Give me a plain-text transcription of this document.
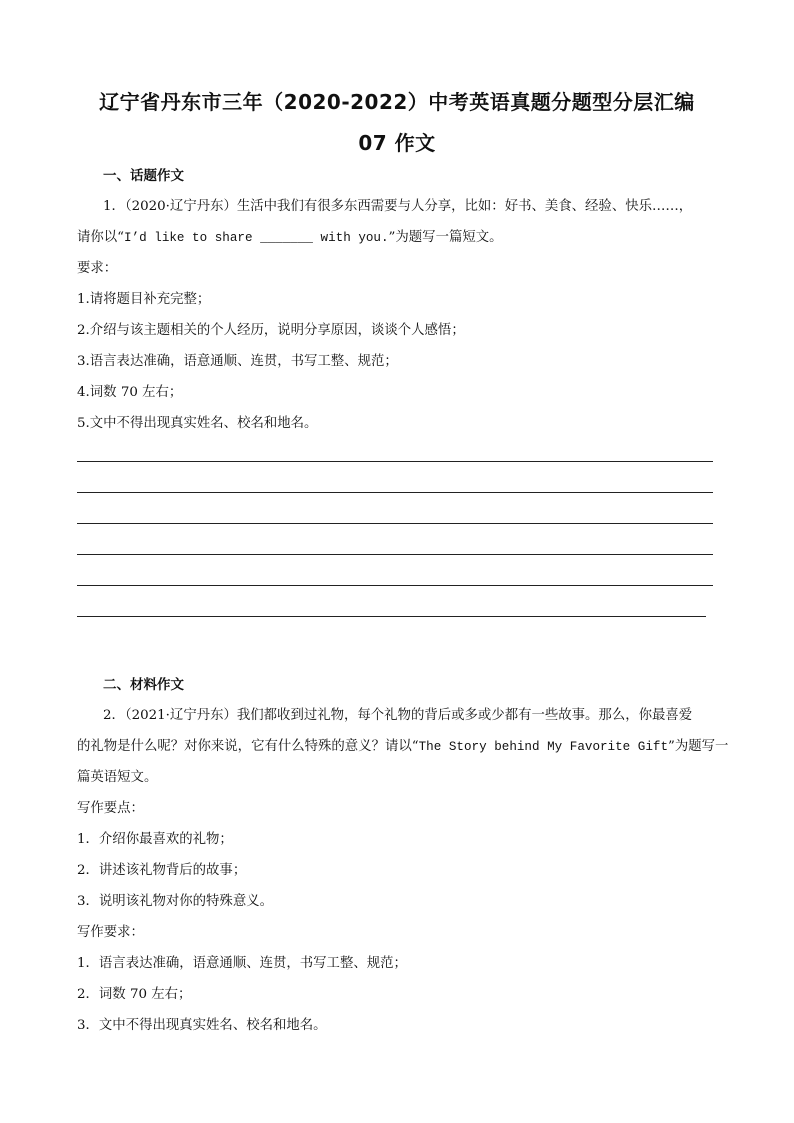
辽宁省丹东市三年（2020-2022）中考英语真题分题型分层汇编
07 作文
一、话题作文
1．（2020·辽宁丹东）生活中我们有很多东西需要与人分享，比如：好书、美食、经验、快乐……，
请你以“I’d like to share _______ with you.”为题写一篇短文。
要求：
1.请将题目补充完整；
2.介绍与该主题相关的个人经历，说明分享原因，谈谈个人感悟；
3.语言表达准确，语意通顺、连贯，书写工整、规范；
4.词数 70 左右；
5.文中不得出现真实姓名、校名和地名。
二、材料作文
2．（2021·辽宁丹东）我们都收到过礼物，每个礼物的背后或多或少都有一些故事。那么，你最喜爱
的礼物是什么呢？对你来说，它有什么特殊的意义？请以“The Story behind My Favorite Gift”为题写一
篇英语短文。
写作要点：
1．介绍你最喜欢的礼物；
2．讲述该礼物背后的故事；
3．说明该礼物对你的特殊意义。
写作要求：
1．语言表达准确，语意通顺、连贯，书写工整、规范；
2．词数 70 左右；
3．文中不得出现真实姓名、校名和地名。
